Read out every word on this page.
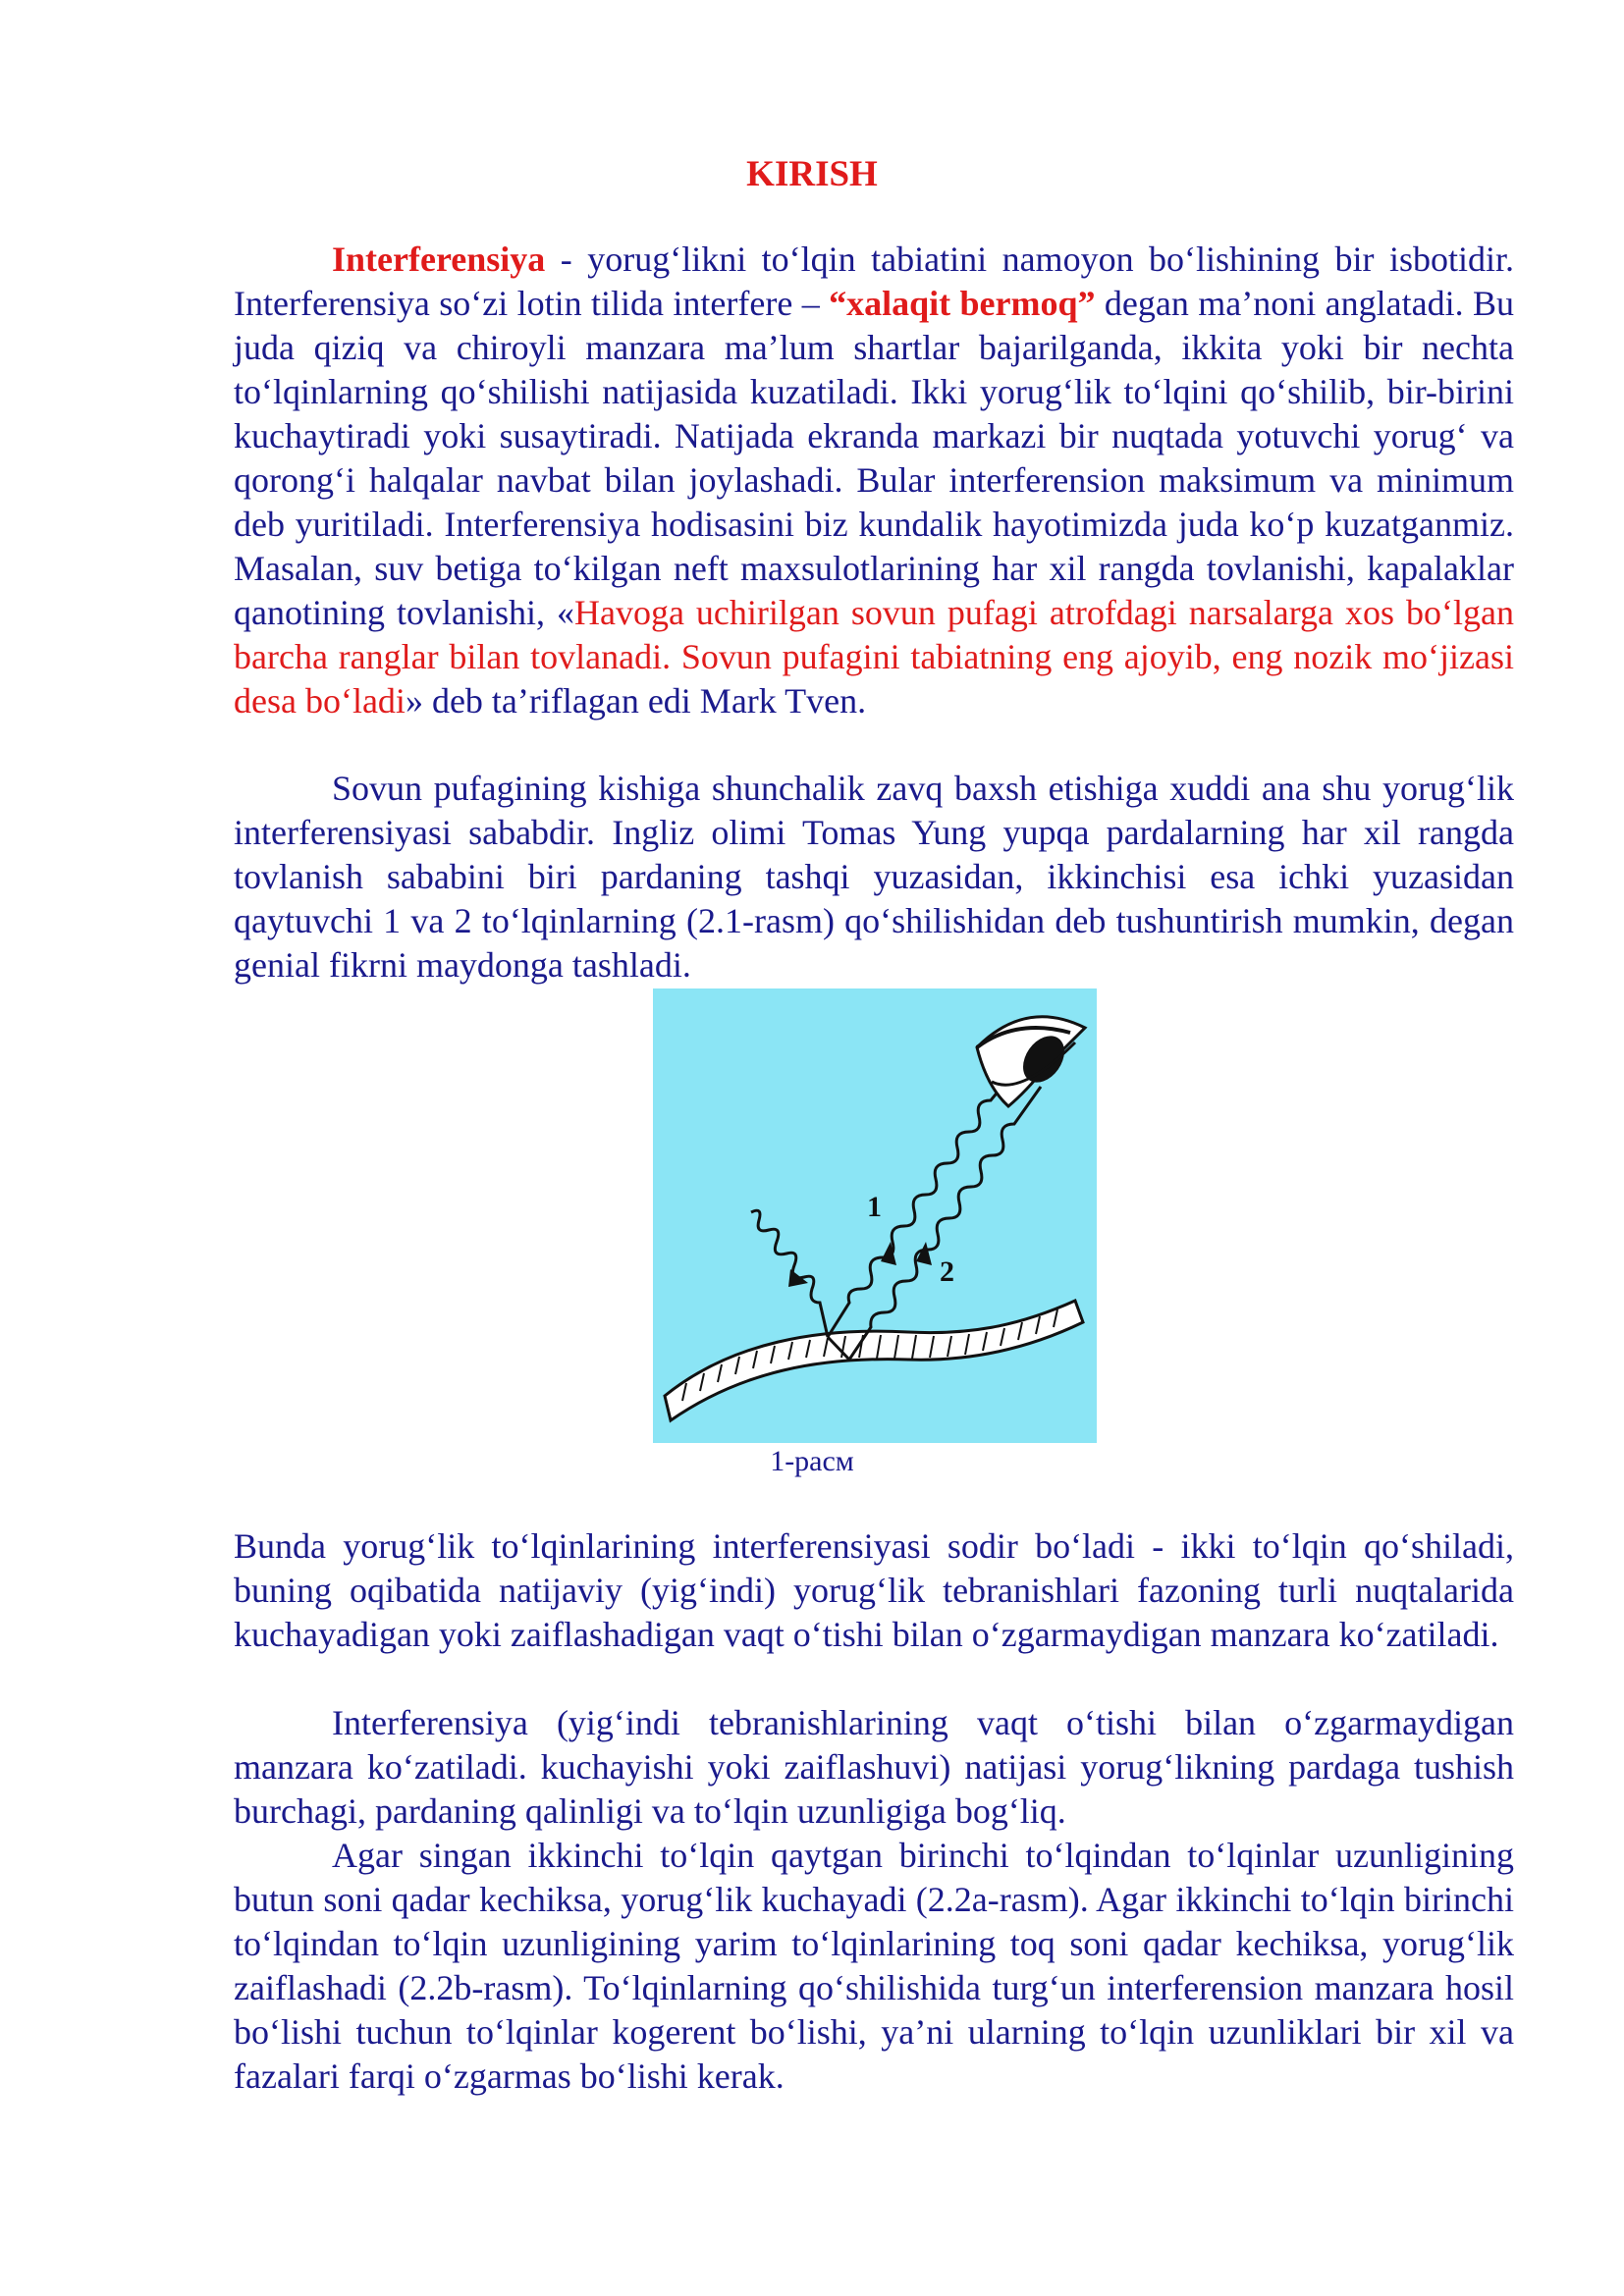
KIRISH

Interferensiya - yorug‘likni to‘lqin tabiatini namoyon bo‘lishining bir isbotidir. Interferensiya so‘zi lotin tilida interfere – “xalaqit bermoq” degan ma’noni anglatadi. Bu juda qiziq va chiroyli manzara ma’lum shartlar bajarilganda, ikkita yoki bir nechta to‘lqinlarning qo‘shilishi natijasida kuzatiladi. Ikki yorug‘lik to‘lqini qo‘shilib, bir-birini kuchaytiradi yoki susaytiradi. Natijada ekranda markazi bir nuqtada yotuvchi yorug‘ va qorong‘i halqalar navbat bilan joylashadi. Bular interferension maksimum va minimum deb yuritiladi. Interferensiya hodisasini biz kundalik hayotimizda juda ko‘p kuzatganmiz. Masalan, suv betiga to‘kilgan neft maxsulotlarining har xil rangda tovlanishi, kapalaklar qanotining tovlanishi, «Havoga uchirilgan sovun pufagi atrofdagi narsalarga xos bo‘lgan barcha ranglar bilan tovlanadi. Sovun pufagini tabiatning eng ajoyib, eng nozik mo‘jizasi desa bo‘ladi» deb ta’riflagan edi Mark Tven.

Sovun pufagining kishiga shunchalik zavq baxsh etishiga xuddi ana shu yorug‘lik interferensiyasi sababdir. Ingliz olimi Tomas Yung yupqa pardalarning har xil rangda tovlanish sababini biri pardaning tashqi yuzasidan, ikkinchisi esa ichki yuzasidan qaytuvchi 1 va 2 to‘lqinlarning (2.1-rasm) qo‘shilishidan deb tushuntirish mumkin, degan genial fikrni maydonga tashladi.

1
2
1-расм

Bunda yorug‘lik to‘lqinlarining interferensiyasi sodir bo‘ladi - ikki to‘lqin qo‘shiladi, buning oqibatida natijaviy (yig‘indi) yorug‘lik tebranishlari fazoning turli nuqtalarida kuchayadigan yoki zaiflashadigan vaqt o‘tishi bilan o‘zgarmaydigan manzara ko‘zatiladi.

Interferensiya (yig‘indi tebranishlarining vaqt o‘tishi bilan o‘zgarmaydigan manzara ko‘zatiladi. kuchayishi yoki zaiflashuvi) natijasi yorug‘likning pardaga tushish burchagi, pardaning qalinligi va to‘lqin uzunligiga bog‘liq.

Agar singan ikkinchi to‘lqin qaytgan birinchi to‘lqindan to‘lqinlar uzunligining butun soni qadar kechiksa, yorug‘lik kuchayadi (2.2a-rasm). Agar ikkinchi to‘lqin birinchi to‘lqindan to‘lqin uzunligining yarim to‘lqinlarining toq soni qadar kechiksa, yorug‘lik zaiflashadi (2.2b-rasm). To‘lqinlarning qo‘shilishida turg‘un interferension manzara hosil bo‘lishi tuchun to‘lqinlar kogerent bo‘lishi, ya’ni ularning to‘lqin uzunliklari bir xil va fazalari farqi o‘zgarmas bo‘lishi kerak.
